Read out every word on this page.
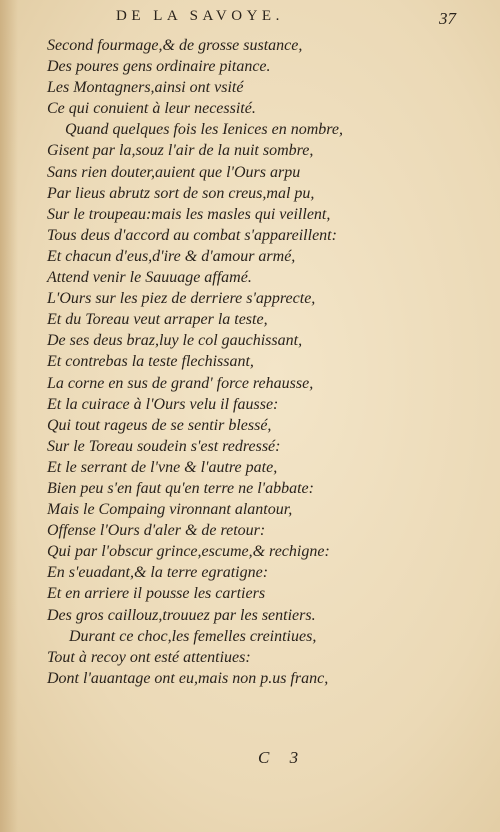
DE LA SAVOYE.	37
Second fourmage,& de grosse sustance,
Des poures gens ordinaire pitance.
Les Montagners,ainsi ont vsité
Ce qui conuient à leur necessité.
Quand quelques fois les Ienices en nombre,
Gisent par la,souz l'air de la nuit sombre,
Sans rien douter,auient que l'Ours arpu
Par lieus abrutz sort de son creus,mal pu,
Sur le troupeau:mais les masles qui veillent,
Tous deus d'accord au combat s'appareillent:
Et chacun d'eus,d'ire & d'amour armé,
Attend venir le Sauuage affamé.
L'Ours sur les piez de derriere s'apprecte,
Et du Toreau veut arraper la teste,
De ses deus braz,luy le col gauchissant,
Et contrebas la teste flechissant,
La corne en sus de grand' force rehausse,
Et la cuirace à l'Ours velu il fausse:
Qui tout rageus de se sentir blessé,
Sur le Toreau soudein s'est redressé:
Et le serrant de l'vne & l'autre pate,
Bien peu s'en faut qu'en terre ne l'abbate:
Mais le Compaing vironnant alantour,
Offense l'Ours d'aler & de retour:
Qui par l'obscur grince,escume,& rechigne:
En s'euadant,& la terre egratigne:
Et en arriere il pousse les cartiers
Des gros caillouz,trouuez par les sentiers.
Durant ce choc,les femelles creintiues,
Tout à recoy ont esté attentiues:
Dont l'auantage ont eu,mais non p.us franc,
C 3
